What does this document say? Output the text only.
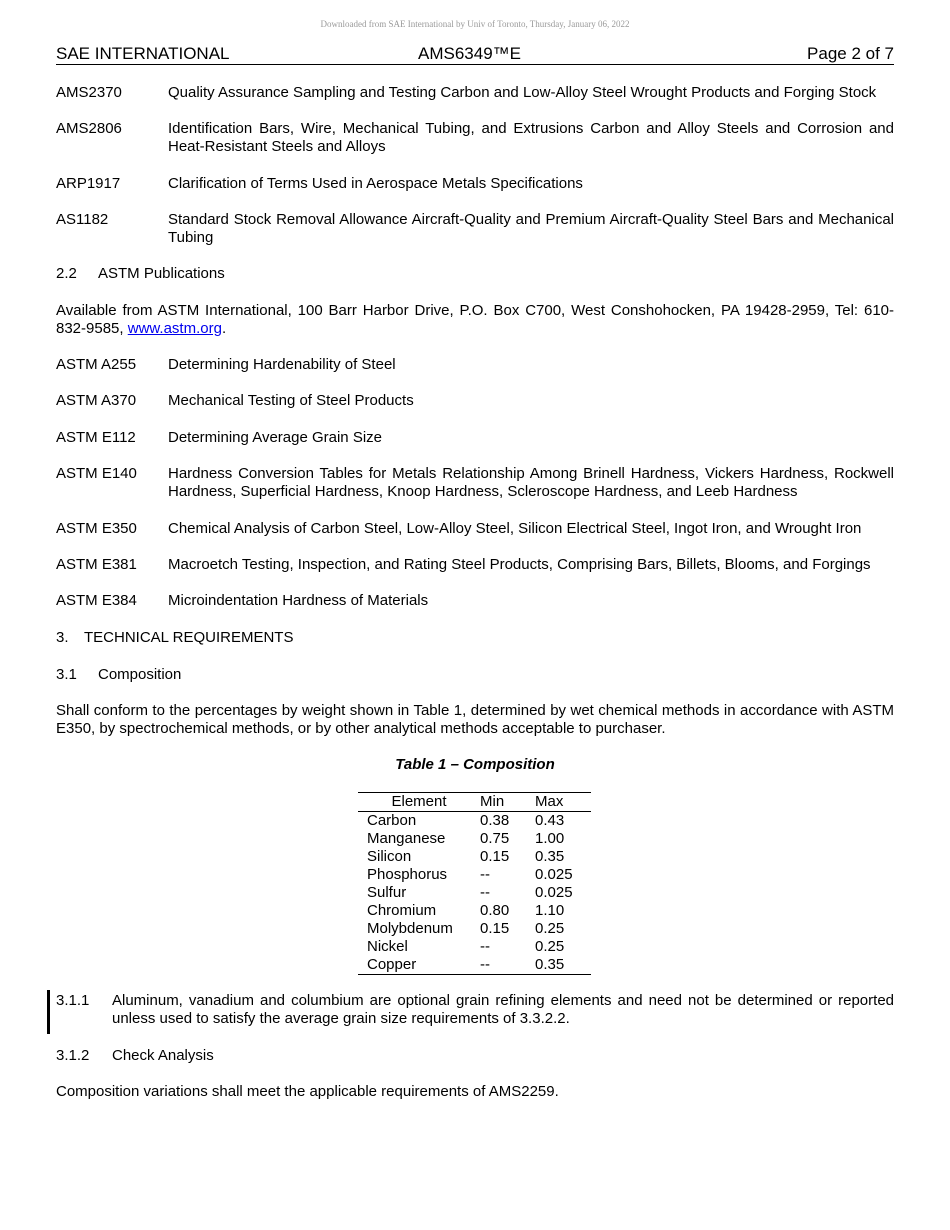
Downloaded from SAE International by Univ of Toronto, Thursday, January 06, 2022
SAE INTERNATIONAL	AMS6349™E	Page 2 of 7
AMS2370	Quality Assurance Sampling and Testing Carbon and Low-Alloy Steel Wrought Products and Forging Stock
AMS2806	Identification Bars, Wire, Mechanical Tubing, and Extrusions Carbon and Alloy Steels and Corrosion and Heat-Resistant Steels and Alloys
ARP1917	Clarification of Terms Used in Aerospace Metals Specifications
AS1182	Standard Stock Removal Allowance Aircraft-Quality and Premium Aircraft-Quality Steel Bars and Mechanical Tubing
2.2 ASTM Publications
Available from ASTM International, 100 Barr Harbor Drive, P.O. Box C700, West Conshohocken, PA 19428-2959, Tel: 610-832-9585, www.astm.org.
ASTM A255 Determining Hardenability of Steel
ASTM A370 Mechanical Testing of Steel Products
ASTM E112 Determining Average Grain Size
ASTM E140 Hardness Conversion Tables for Metals Relationship Among Brinell Hardness, Vickers Hardness, Rockwell Hardness, Superficial Hardness, Knoop Hardness, Scleroscope Hardness, and Leeb Hardness
ASTM E350 Chemical Analysis of Carbon Steel, Low-Alloy Steel, Silicon Electrical Steel, Ingot Iron, and Wrought Iron
ASTM E381 Macroetch Testing, Inspection, and Rating Steel Products, Comprising Bars, Billets, Blooms, and Forgings
ASTM E384 Microindentation Hardness of Materials
3. TECHNICAL REQUIREMENTS
3.1 Composition
Shall conform to the percentages by weight shown in Table 1, determined by wet chemical methods in accordance with ASTM E350, by spectrochemical methods, or by other analytical methods acceptable to purchaser.
Table 1 – Composition
Element	Min	Max
Carbon	0.38	0.43
Manganese	0.75	1.00
Silicon	0.15	0.35
Phosphorus	--	0.025
Sulfur	--	0.025
Chromium	0.80	1.10
Molybdenum	0.15	0.25
Nickel	--	0.25
Copper	--	0.35
3.1.1 Aluminum, vanadium and columbium are optional grain refining elements and need not be determined or reported unless used to satisfy the average grain size requirements of 3.3.2.2.
3.1.2 Check Analysis
Composition variations shall meet the applicable requirements of AMS2259.
